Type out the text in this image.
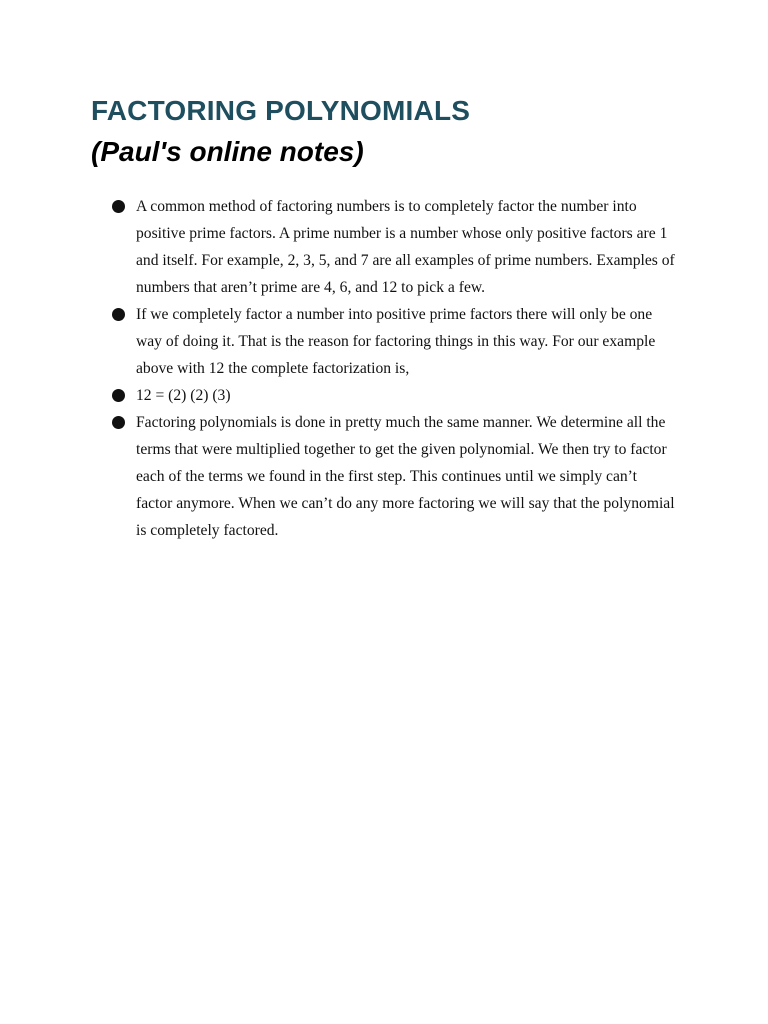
FACTORING POLYNOMIALS
(Paul's online notes)
A common method of factoring numbers is to completely factor the number into positive prime factors. A prime number is a number whose only positive factors are 1 and itself. For example, 2, 3, 5, and 7 are all examples of prime numbers. Examples of numbers that aren’t prime are 4, 6, and 12 to pick a few.
If we completely factor a number into positive prime factors there will only be one way of doing it. That is the reason for factoring things in this way. For our example above with 12 the complete factorization is,
12 = (2) (2) (3)
Factoring polynomials is done in pretty much the same manner. We determine all the terms that were multiplied together to get the given polynomial. We then try to factor each of the terms we found in the first step. This continues until we simply can’t factor anymore. When we can’t do any more factoring we will say that the polynomial is completely factored.
